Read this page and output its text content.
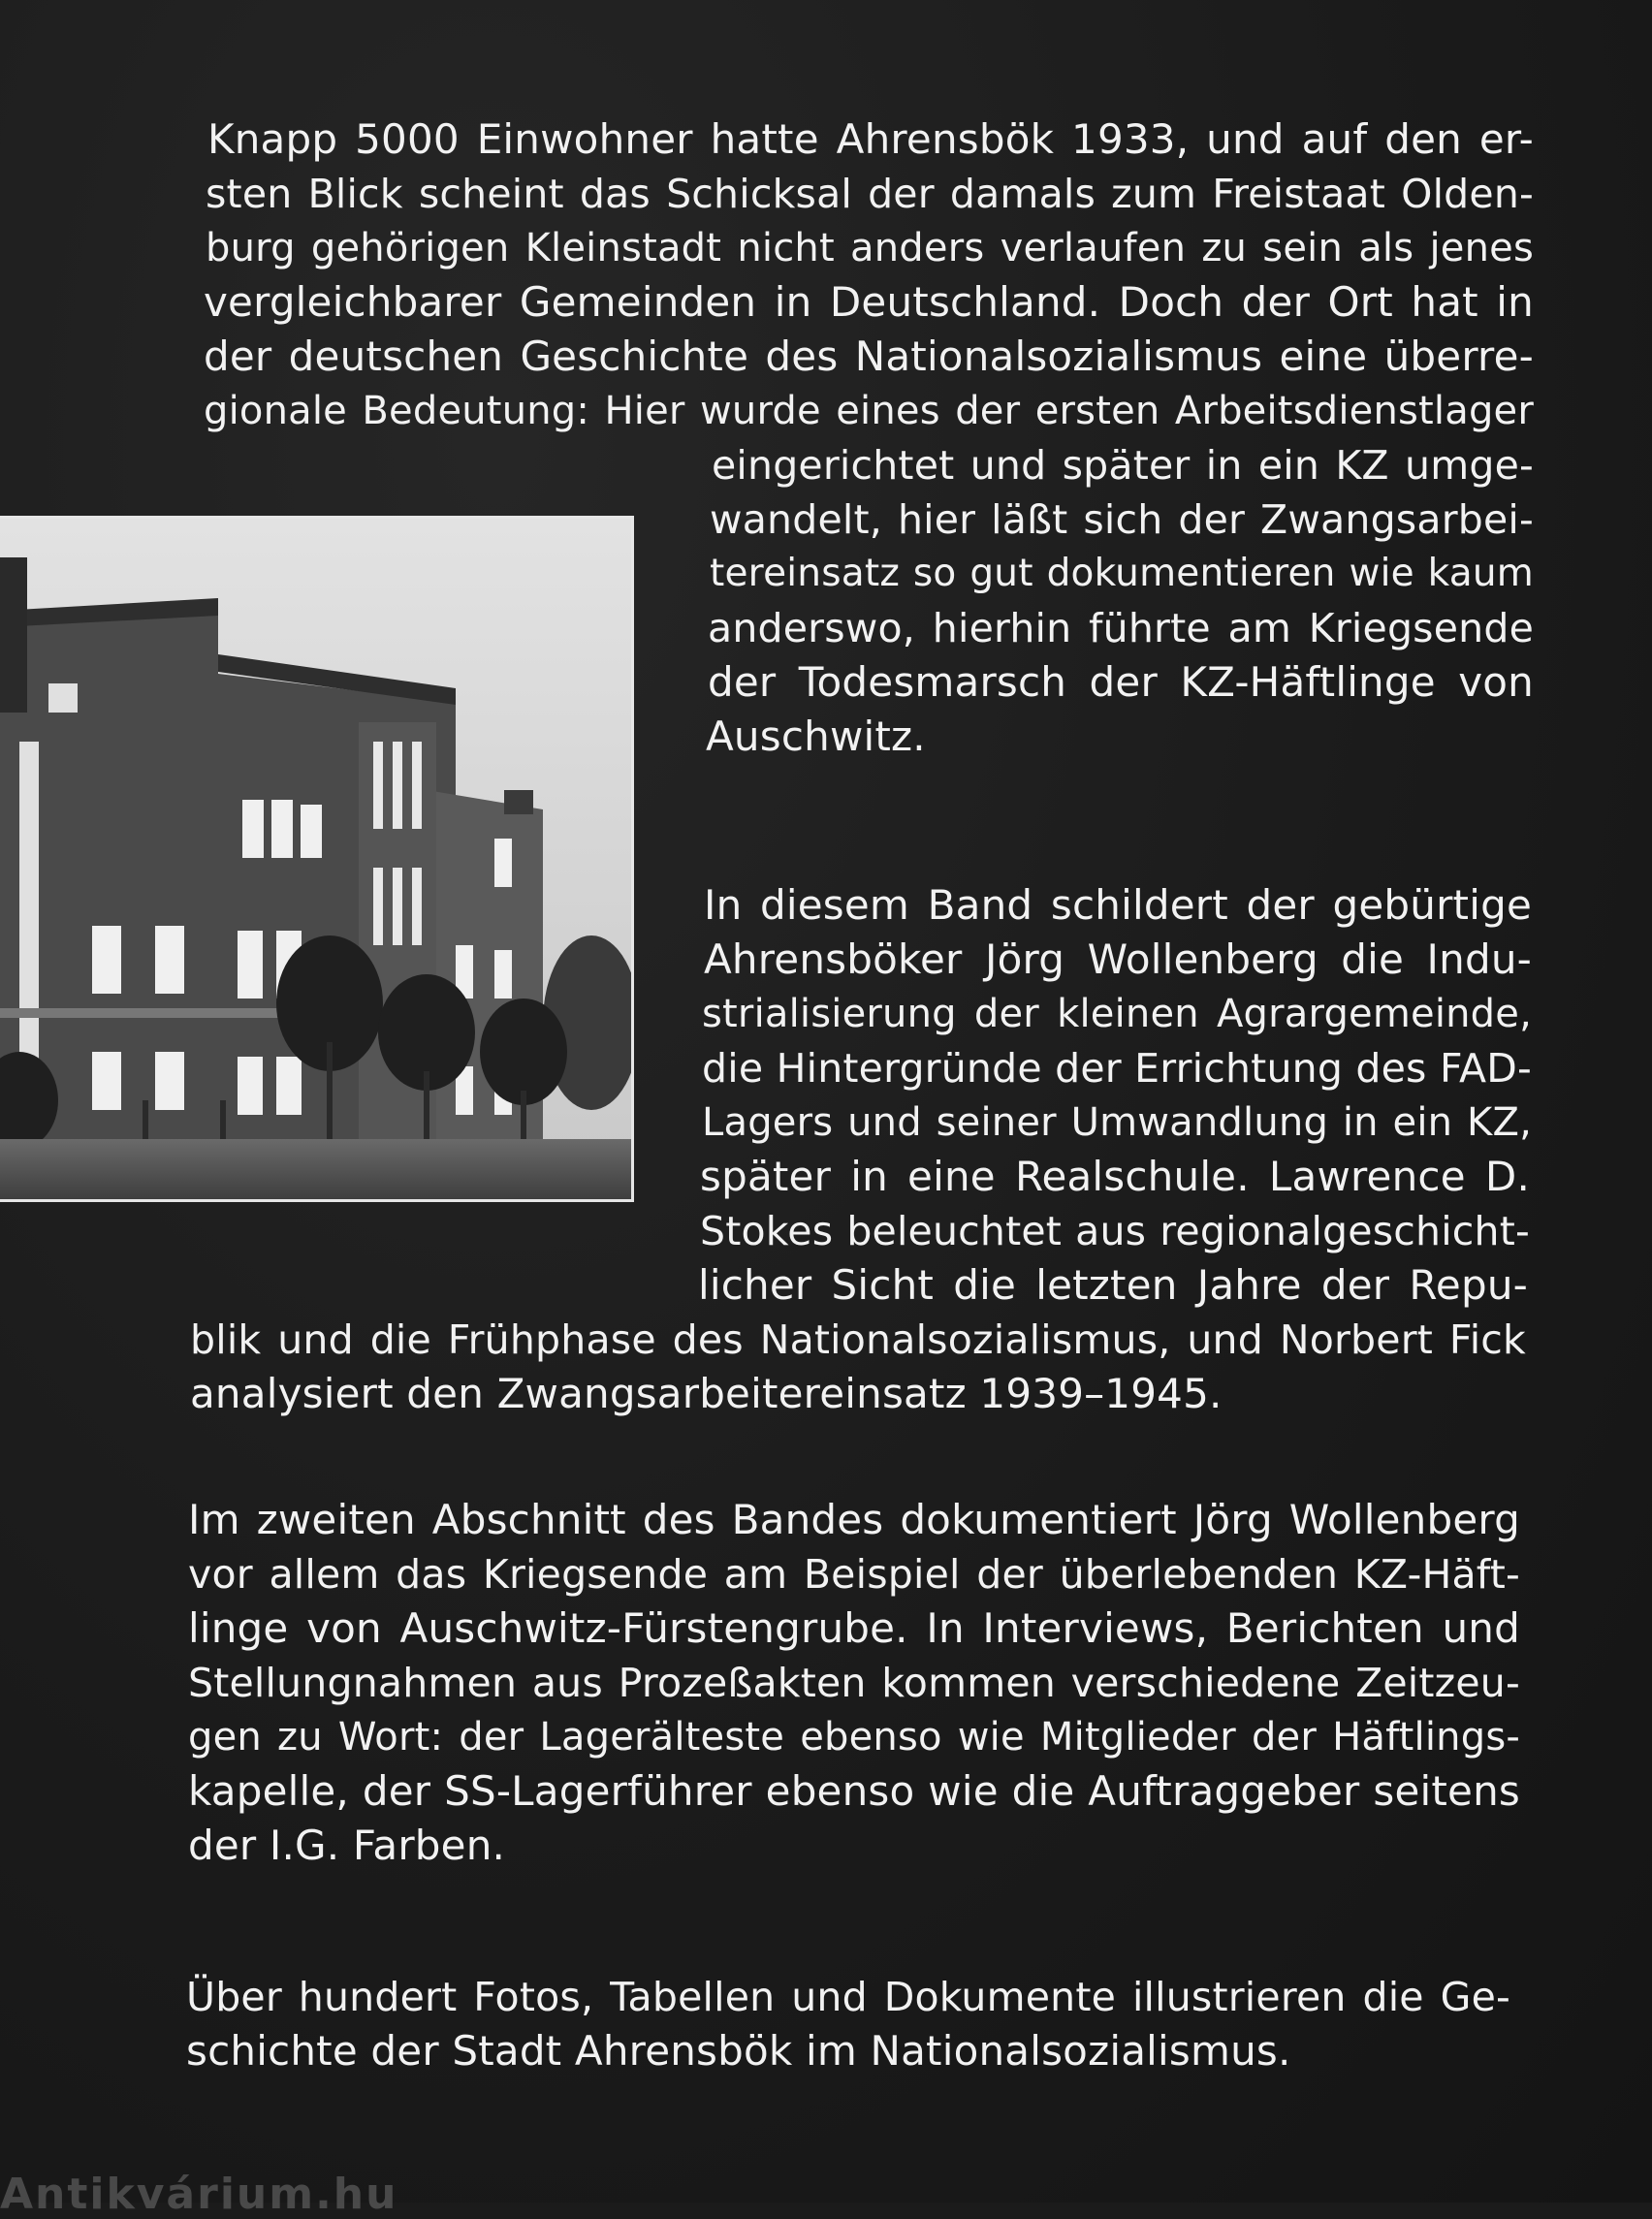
Knapp 5000 Einwohner hatte Ahrensbök 1933, und auf den er-
sten Blick scheint das Schicksal der damals zum Freistaat Olden-
burg gehörigen Kleinstadt nicht anders verlaufen zu sein als jenes
vergleichbarer Gemeinden in Deutschland. Doch der Ort hat in
der deutschen Geschichte des Nationalsozialismus eine überre-
gionale Bedeutung: Hier wurde eines der ersten Arbeitsdienstlager
eingerichtet und später in ein KZ umge-
wandelt, hier läßt sich der Zwangsarbei-
tereinsatz so gut dokumentieren wie kaum
anderswo, hierhin führte am Kriegsende
der Todesmarsch der KZ-Häftlinge von
Auschwitz.
In diesem Band schildert der gebürtige
Ahrensböker Jörg Wollenberg die Indu-
strialisierung der kleinen Agrargemeinde,
die Hintergründe der Errichtung des FAD-
Lagers und seiner Umwandlung in ein KZ,
später in eine Realschule. Lawrence D.
Stokes beleuchtet aus regionalgeschicht-
licher Sicht die letzten Jahre der Repu-
blik und die Frühphase des Nationalsozialismus, und Norbert Fick
analysiert den Zwangsarbeitereinsatz 1939–1945.
Im zweiten Abschnitt des Bandes dokumentiert Jörg Wollenberg
vor allem das Kriegsende am Beispiel der überlebenden KZ-Häft-
linge von Auschwitz-Fürstengrube. In Interviews, Berichten und
Stellungnahmen aus Prozeßakten kommen verschiedene Zeitzeu-
gen zu Wort: der Lagerälteste ebenso wie Mitglieder der Häftlings-
kapelle, der SS-Lagerführer ebenso wie die Auftraggeber seitens
der I.G. Farben.
Über hundert Fotos, Tabellen und Dokumente illustrieren die Ge-
schichte der Stadt Ahrensbök im Nationalsozialismus.
Antikvárium.hu
